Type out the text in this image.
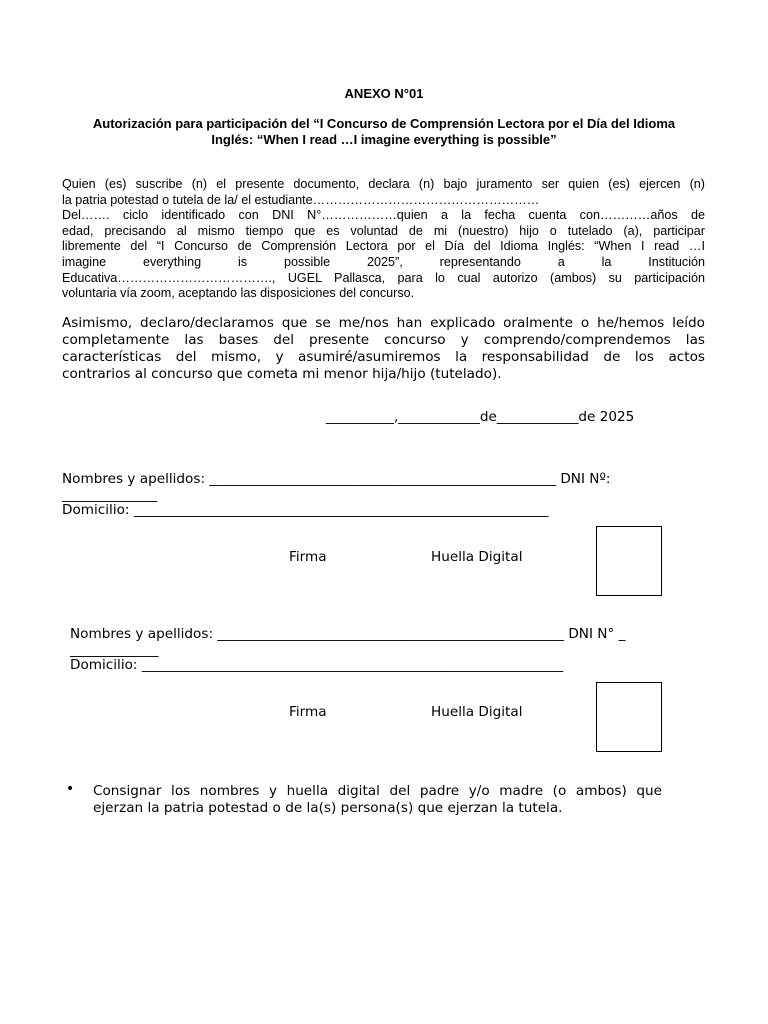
ANEXO N°01
Autorización para participación del “I Concurso de Comprensión Lectora por el Día del Idioma
Inglés: “When I read …I imagine everything is possible”
Quien (es) suscribe (n) el presente documento, declara (n) bajo juramento ser quien (es) ejercen (n)
la patria potestad o tutela de la/ el estudiante………………………………………………
Del……. ciclo identificado con DNI N°………………quien a la fecha cuenta con…………años de
edad, precisando al mismo tiempo que es voluntad de mi (nuestro) hijo o tutelado (a), participar
libremente del “I Concurso de Comprensión Lectora por el Día del Idioma Inglés: “When I read …I
imagine everything is possible 2025”, representando a la Institución
Educativa………………………………., UGEL Pallasca, para lo cual autorizo (ambos) su participación
voluntaria vía zoom, aceptando las disposiciones del concurso.
Asimismo, declaro/declaramos que se me/nos han explicado oralmente o he/hemos leído
completamente las bases del presente concurso y comprendo/comprendemos las
características del mismo, y asumiré/asumiremos la responsabilidad de los actos
contrarios al concurso que cometa mi menor hija/hijo (tutelado).
__________,____________de____________de 2025
Nombres y apellidos: ___________________________________________________ DNI Nº:
______________
Domicilio: _____________________________________________________________
Firma	Huella Digital
Nombres y apellidos: ___________________________________________________ DNI N° _
_____________
Domicilio: ______________________________________________________________
Firma	Huella Digital
• Consignar los nombres y huella digital del padre y/o madre (o ambos) que
ejerzan la patria potestad o de la(s) persona(s) que ejerzan la tutela.
